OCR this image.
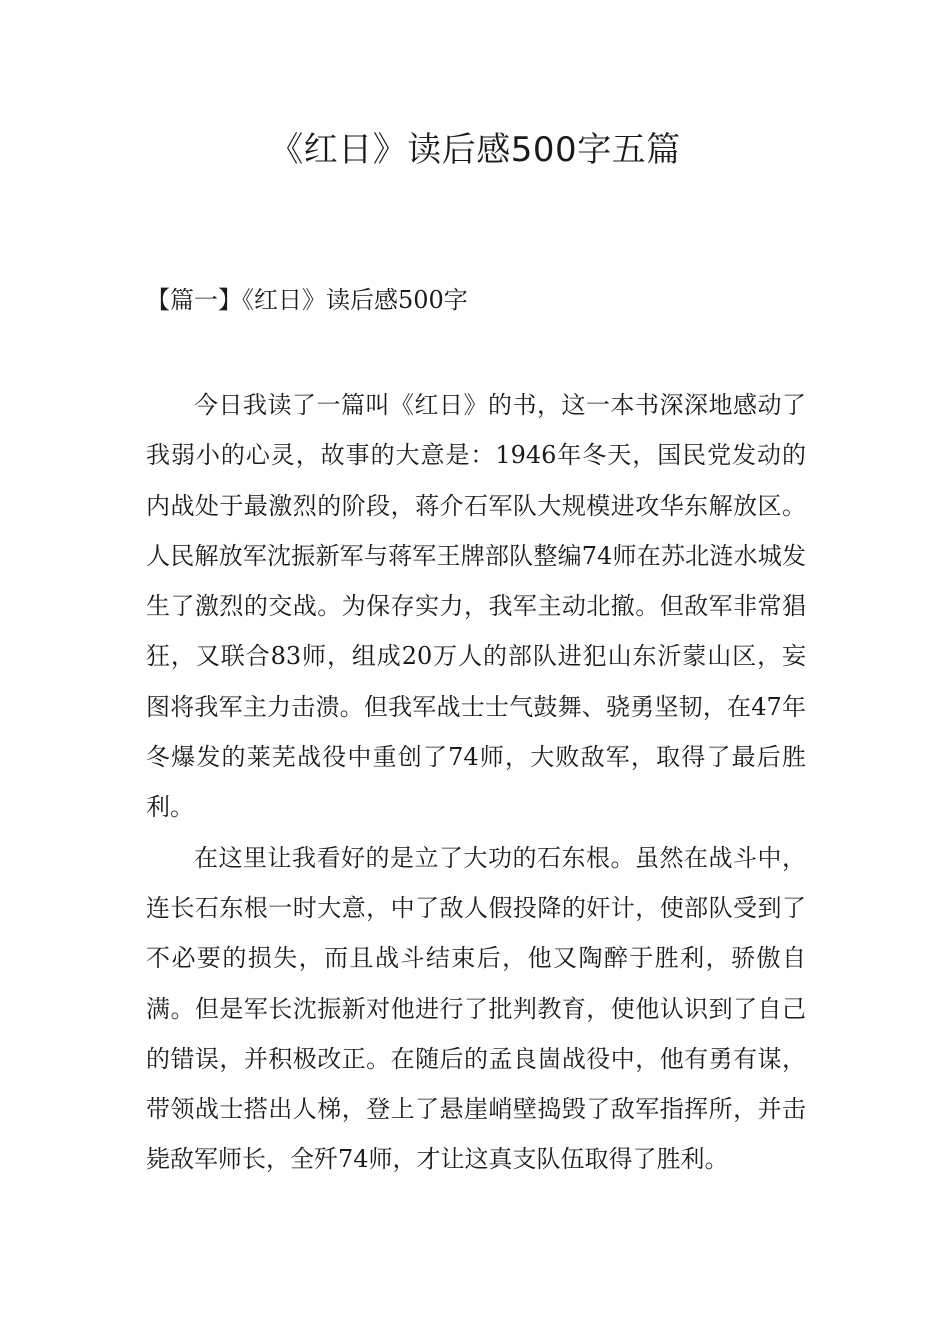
《红日》读后感500字五篇
【篇一】《红日》读后感500字

今日我读了一篇叫《红日》的书，这一本书深深地感动了我弱小的心灵，故事的大意是：1946年冬天，国民党发动的内战处于最激烈的阶段，蒋介石军队大规模进攻华东解放区。人民解放军沈振新军与蒋军王牌部队整编74师在苏北涟水城发生了激烈的交战。为保存实力，我军主动北撤。但敌军非常猖狂，又联合83师，组成20万人的部队进犯山东沂蒙山区，妄图将我军主力击溃。但我军战士士气鼓舞、骁勇坚韧，在47年冬爆发的莱芜战役中重创了74师，大败敌军，取得了最后胜利。

在这里让我看好的是立了大功的石东根。虽然在战斗中，连长石东根一时大意，中了敌人假投降的奸计，使部队受到了不必要的损失，而且战斗结束后，他又陶醉于胜利，骄傲自满。但是军长沈振新对他进行了批判教育，使他认识到了自己的错误，并积极改正。在随后的孟良崮战役中，他有勇有谋，带领战士搭出人梯，登上了悬崖峭壁捣毁了敌军指挥所，并击毙敌军师长，全歼74师，才让这真支队伍取得了胜利。
